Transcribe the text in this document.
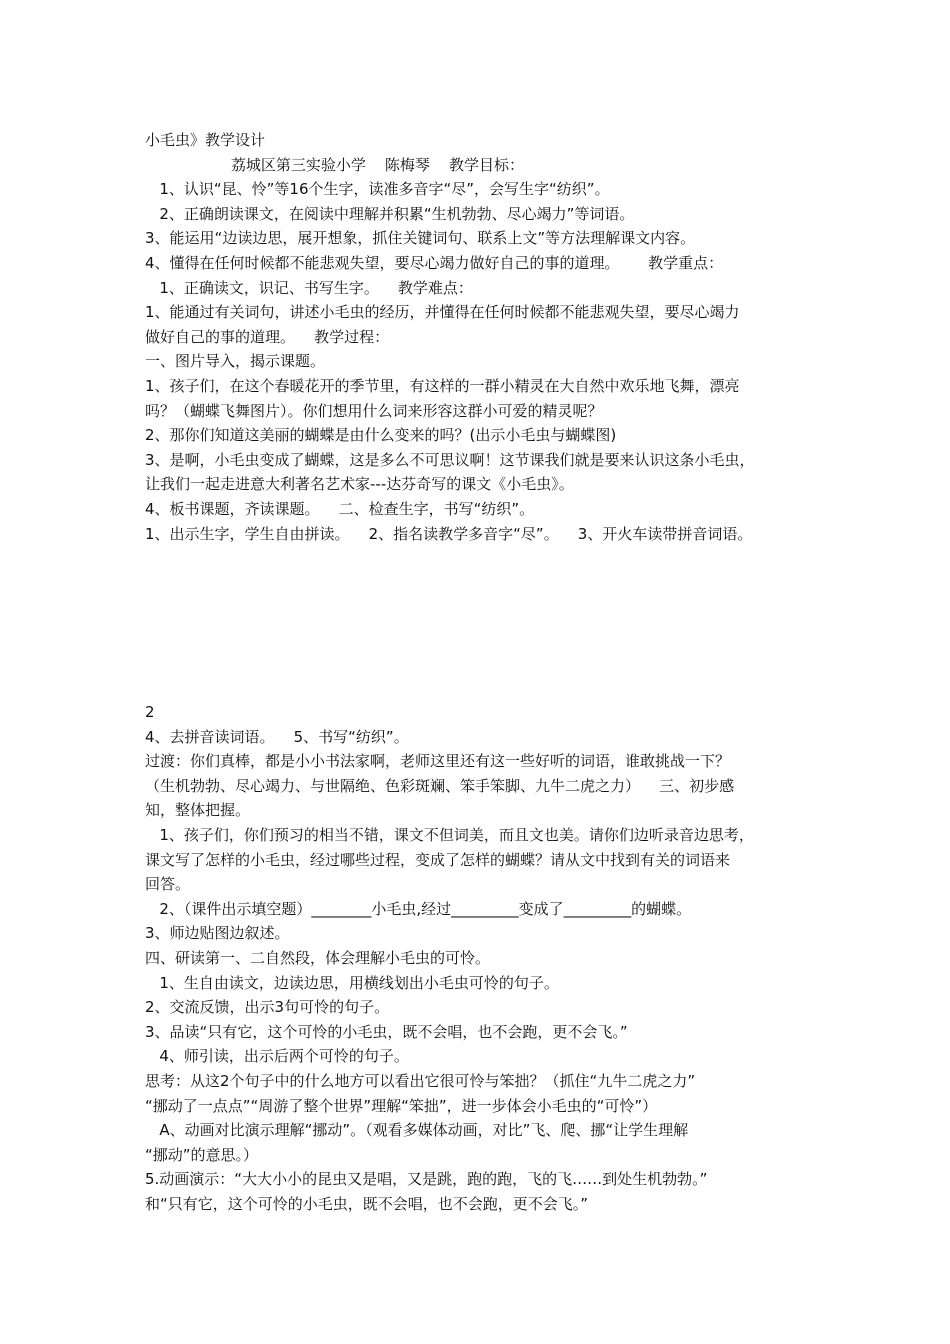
小毛虫》教学设计

荔城区第三实验小学    陈梅琴    教学目标：

1、认识“昆、怜”等16个生字，读准多音字“尽”，会写生字“纺织”。

2、正确朗读课文，在阅读中理解并积累“生机勃勃、尽心竭力”等词语。

3、能运用“边读边思，展开想象，抓住关键词句、联系上文”等方法理解课文内容。

4、懂得在任何时候都不能悲观失望，要尽心竭力做好自己的事的道理。      教学重点：

1、正确读文，识记、书写生字。    教学难点：

1、能通过有关词句，讲述小毛虫的经历，并懂得在任何时候都不能悲观失望，要尽心竭力

做好自己的事的道理。    教学过程：

一、图片导入，揭示课题。

1、孩子们，在这个春暖花开的季节里，有这样的一群小精灵在大自然中欢乐地飞舞，漂亮

吗？（蝴蝶飞舞图片）。你们想用什么词来形容这群小可爱的精灵呢？

2、那你们知道这美丽的蝴蝶是由什么变来的吗？(出示小毛虫与蝴蝶图)

3、是啊，小毛虫变成了蝴蝶，这是多么不可思议啊！这节课我们就是要来认识这条小毛虫，

让我们一起走进意大利著名艺术家---达芬奇写的课文《小毛虫》。

4、板书课题，齐读课题。    二、检查生字，书写“纺织”。

1、出示生字，学生自由拼读。    2、指名读教学多音字“尽”。    3、开火车读带拼音词语。

2

4、去拼音读词语。    5、书写“纺织”。

过渡：你们真棒，都是小小书法家啊，老师这里还有这一些好听的词语，谁敢挑战一下？

（生机勃勃、尽心竭力、与世隔绝、色彩斑斓、笨手笨脚、九牛二虎之力）    三、初步感

知，整体把握。

1、孩子们，你们预习的相当不错，课文不但词美，而且文也美。请你们边听录音边思考，

课文写了怎样的小毛虫，经过哪些过程，变成了怎样的蝴蝶？请从文中找到有关的词语来

回答。

2、（课件出示填空题）________小毛虫,经过_________变成了_________的蝴蝶。

3、师边贴图边叙述。

四、研读第一、二自然段，体会理解小毛虫的可怜。

1、生自由读文，边读边思，用横线划出小毛虫可怜的句子。

2、交流反馈，出示3句可怜的句子。

3、品读“只有它，这个可怜的小毛虫，既不会唱，也不会跑，更不会飞。”

4、师引读，出示后两个可怜的句子。

思考：从这2个句子中的什么地方可以看出它很可怜与笨拙？（抓住“九牛二虎之力”

“挪动了一点点”“周游了整个世界”理解“笨拙”，进一步体会小毛虫的“可怜”）

A、动画对比演示理解“挪动”。（观看多媒体动画，对比”飞、爬、挪“让学生理解

“挪动”的意思。）

5.动画演示：“大大小小的昆虫又是唱，又是跳，跑的跑，飞的飞……到处生机勃勃。”

和“只有它，这个可怜的小毛虫，既不会唱，也不会跑，更不会飞。”
